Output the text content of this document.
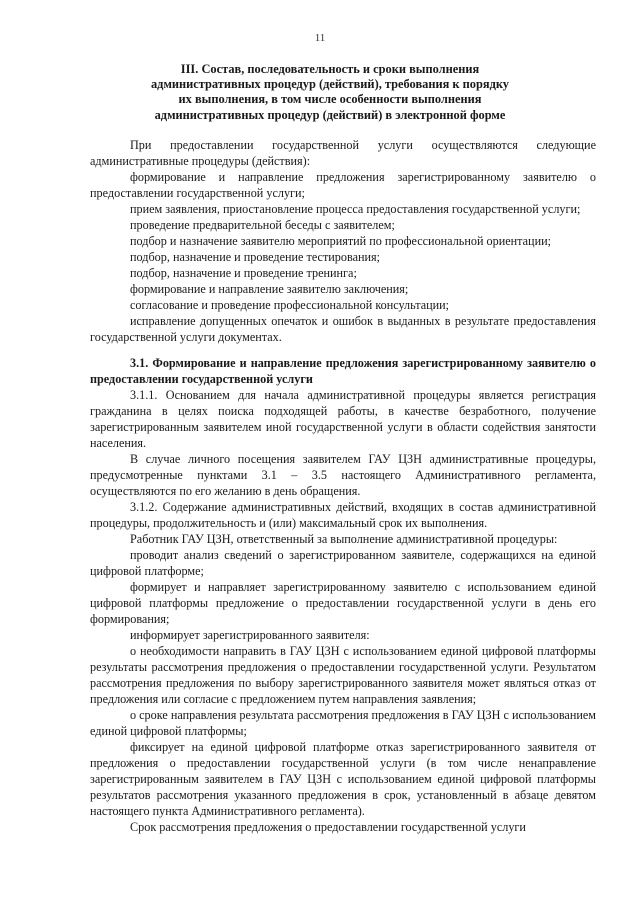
11
III. Состав, последовательность и сроки выполнения
административных процедур (действий), требования к порядку
их выполнения, в том числе особенности выполнения
административных процедур (действий) в электронной форме

При предоставлении государственной услуги осуществляются следующие административные процедуры (действия):

формирование и направление предложения зарегистрированному заявителю о предоставлении государственной услуги;

прием заявления, приостановление процесса предоставления государственной услуги;

проведение предварительной беседы с заявителем;

подбор и назначение заявителю мероприятий по профессиональной ориентации;

подбор, назначение и проведение тестирования;

подбор, назначение и проведение тренинга;

формирование и направление заявителю заключения;

согласование и проведение профессиональной консультации;

исправление допущенных опечаток и ошибок в выданных в результате предоставления государственной услуги документах.

3.1. Формирование и направление предложения зарегистрированному заявителю о предоставлении государственной услуги

3.1.1. Основанием для начала административной процедуры является регистрация гражданина в целях поиска подходящей работы, в качестве безработного, получение зарегистрированным заявителем иной государственной услуги в области содействия занятости населения.

В случае личного посещения заявителем ГАУ ЦЗН административные процедуры, предусмотренные пунктами 3.1 – 3.5 настоящего Административного регламента, осуществляются по его желанию в день обращения.

3.1.2. Содержание административных действий, входящих в состав административной процедуры, продолжительность и (или) максимальный срок их выполнения.

Работник ГАУ ЦЗН, ответственный за выполнение административной процедуры:

проводит анализ сведений о зарегистрированном заявителе, содержащихся на единой цифровой платформе;

формирует и направляет зарегистрированному заявителю с использованием единой цифровой платформы предложение о предоставлении государственной услуги в день его формирования;

информирует зарегистрированного заявителя:

о необходимости направить в ГАУ ЦЗН с использованием единой цифровой платформы результаты рассмотрения предложения о предоставлении государственной услуги. Результатом рассмотрения предложения по выбору зарегистрированного заявителя может являться отказ от предложения или согласие с предложением путем направления заявления;

о сроке направления результата рассмотрения предложения в ГАУ ЦЗН с использованием единой цифровой платформы;

фиксирует на единой цифровой платформе отказ зарегистрированного заявителя от предложения о предоставлении государственной услуги (в том числе ненаправление зарегистрированным заявителем в ГАУ ЦЗН с использованием единой цифровой платформы результатов рассмотрения указанного предложения в срок, установленный в абзаце девятом настоящего пункта Административного регламента).

Срок рассмотрения предложения о предоставлении государственной услуги
